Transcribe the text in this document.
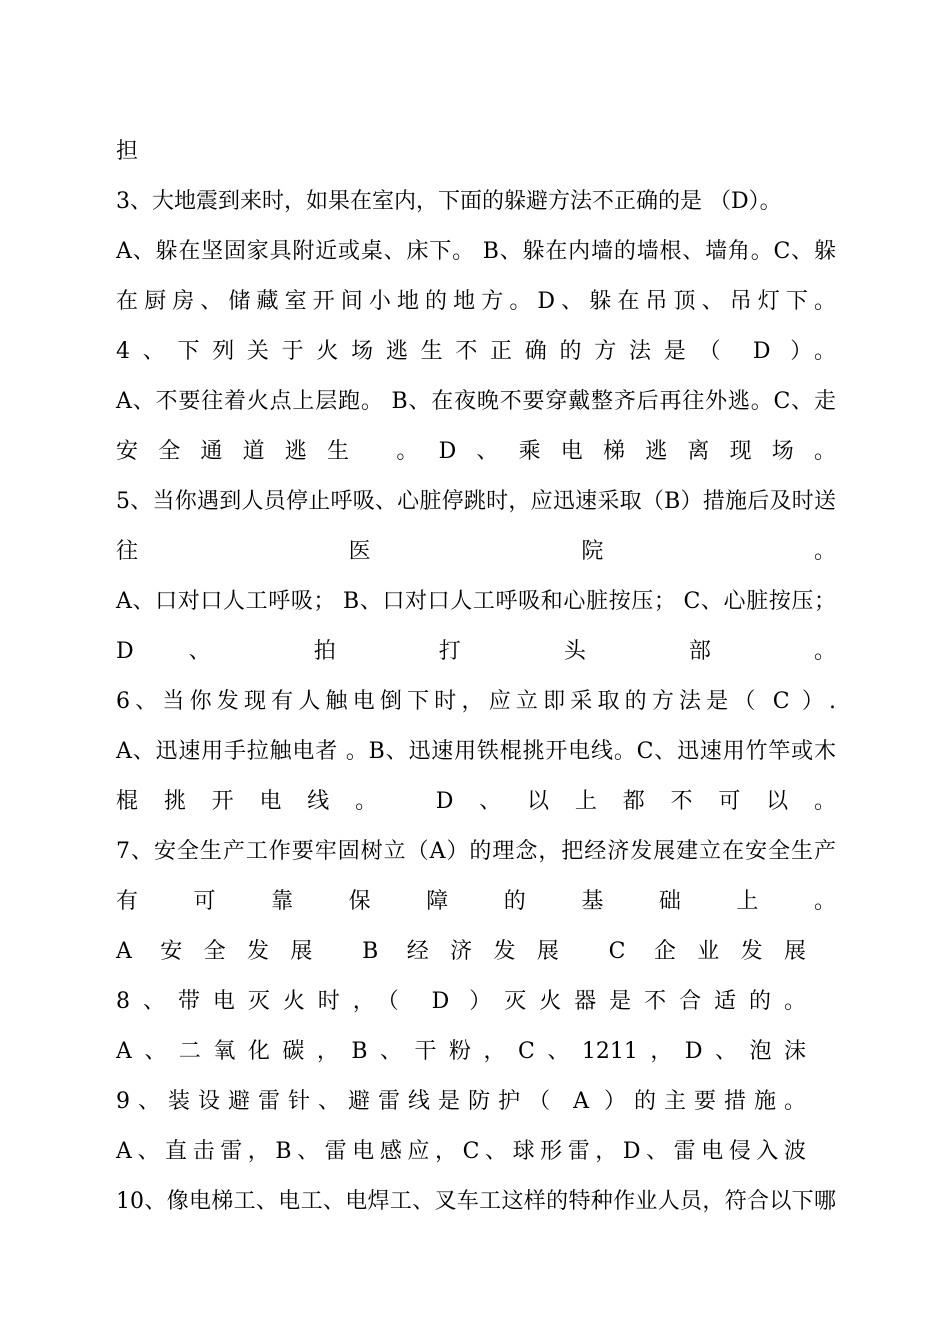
担
3、大地震到来时，如果在室内，下面的躲避方法不正确的是 （D）。
A、躲在坚固家具附近或桌、床下。 B、躲在内墙的墙根、墙角。C、躲
在厨房、储藏室开间小地的地方。D、躲在吊顶、吊灯下。
4、下列关于火场逃生不正确的方法是（ D ）。
A、不要往着火点上层跑。 B、在夜晚不要穿戴整齐后再往外逃。C、走
安全通道逃生 。D、乘电梯逃离现场。
5、当你遇到人员停止呼吸、心脏停跳时，应迅速采取（B）措施后及时送
往 医 院 。
A、口对口人工呼吸； B、口对口人工呼吸和心脏按压； C、心脏按压；
D 、 拍 打 头 部 。
6、当你发现有人触电倒下时，应立即采取的方法是（ C ）.
A、迅速用手拉触电者 。B、迅速用铁棍挑开电线。C、迅速用竹竿或木
棍挑开电线。 D、以上都不可以。
7、安全生产工作要牢固树立（A）的理念，把经济发展建立在安全生产
有 可 靠 保 障 的 基 础 上 。
A 安全发展 B 经济发展 C 企业发展
8、带电灭火时，（ D ）灭火器是不合适的。
A、二氧化碳，B、干粉，C、1211，D、泡沫
9、装设避雷针、避雷线是防护（ A ）的主要措施。
A、直击雷，B、雷电感应，C、球形雷，D、雷电侵入波
10、像电梯工、电工、电焊工、叉车工这样的特种作业人员，符合以下哪
